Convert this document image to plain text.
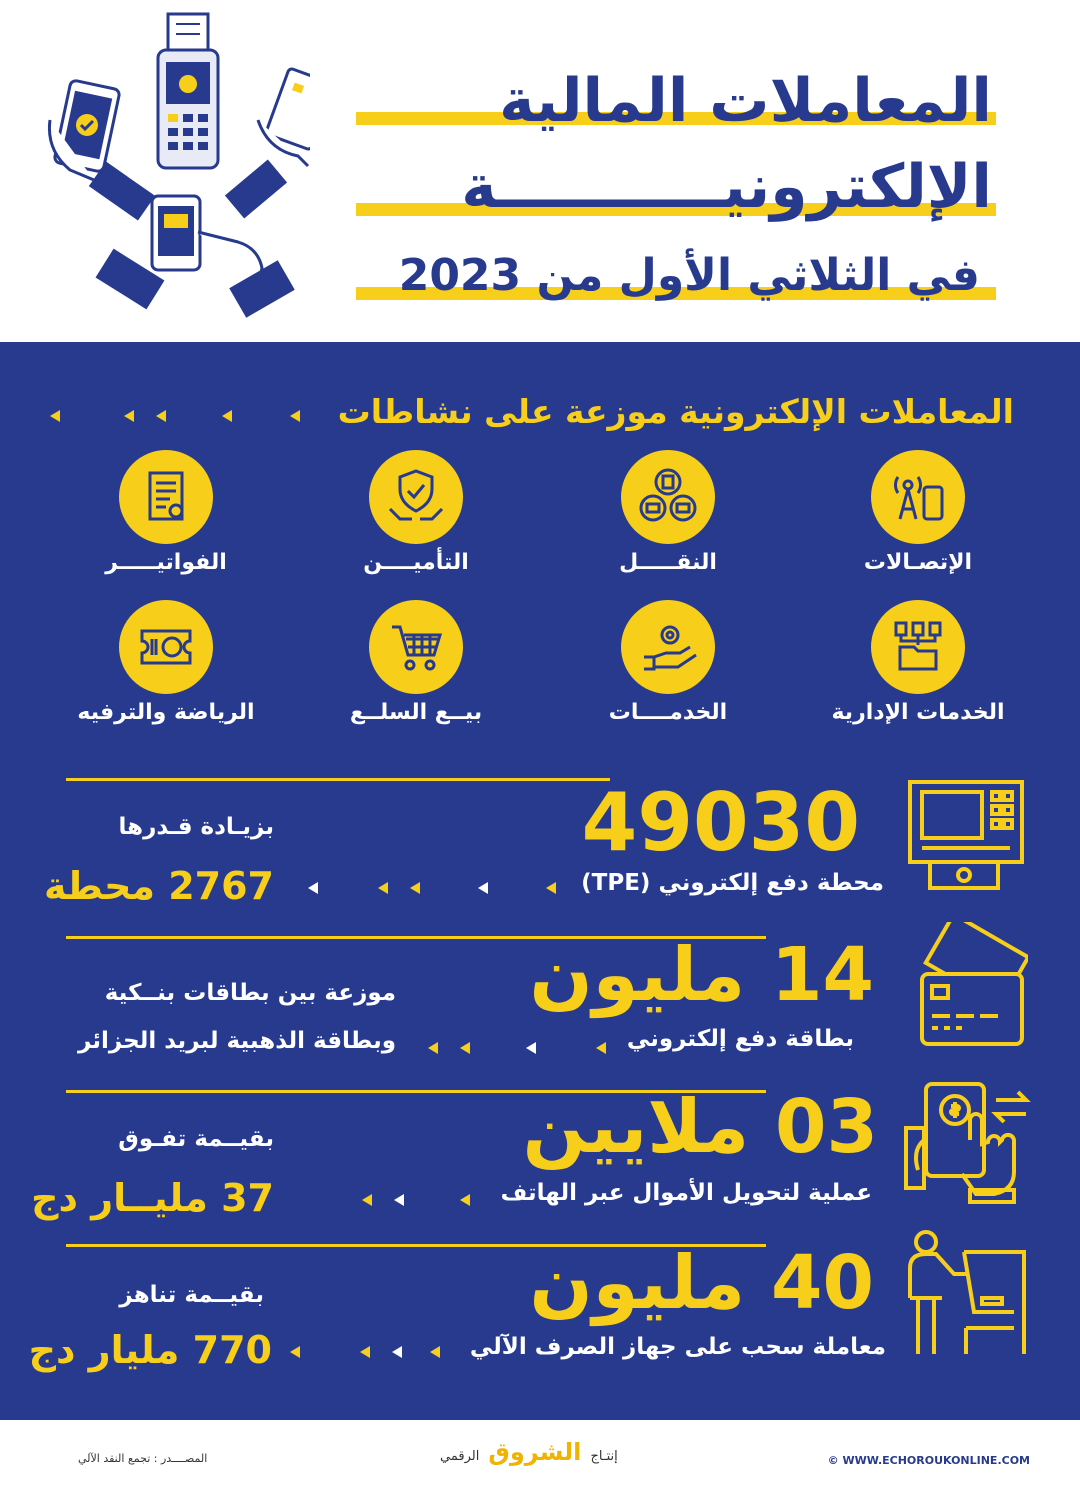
المعاملات المالية
الإلكترونيـــــــــــة
في الثلاثي الأول من 2023
المعاملات الإلكترونية موزعة على نشاطات
الإتصـالات
النقـــــل
التأميــــن
الفواتيـــــر
الخدمات الإدارية
الخدمــــات
بيــع السلــع
الرياضة والترفيه
49030
محطة دفع إلكتروني (TPE)
بزيـادة قـدرها
2767 محطة
14 مليون
بطاقة دفع إلكتروني
موزعة بين بطاقات بنــكية
وبطاقة الذهبية لبريد الجزائر
03 ملايين
عملية لتحويل الأموال عبر الهاتف
بقيــمة تفـوق
37 مليــار دج
40 مليون
معاملة سحب على جهاز الصرف الآلي
بقيــمة تناهز
770 مليار دج
© WWW.ECHOROUKONLINE.COM
إنتـاج الشروق الرقمي
المصــــدر : تجمع النقد الآلي
